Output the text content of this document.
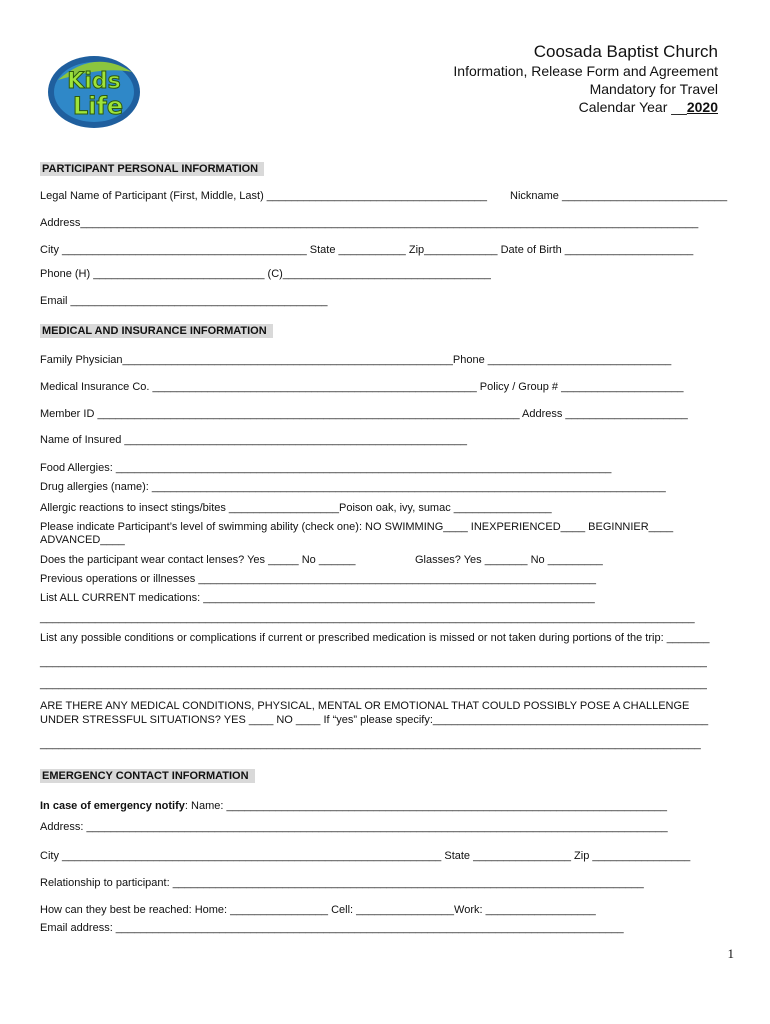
Kids
Life
Coosada Baptist Church
Information, Release Form and Agreement
Mandatory for Travel
Calendar Year __2020
PARTICIPANT PERSONAL INFORMATION
Legal Name of Participant (First, Middle, Last) ____________________________________ Nickname ___________________________
Address_____________________________________________________________________________________________________
City ________________________________________ State ___________ Zip____________ Date of Birth _____________________
Phone (H) ____________________________ (C)__________________________________
Email __________________________________________
MEDICAL AND INSURANCE INFORMATION
Family Physician______________________________________________________Phone ______________________________
Medical Insurance Co. _____________________________________________________ Policy / Group # ____________________
Member ID _____________________________________________________________________ Address ____________________
Name of Insured ________________________________________________________
Food Allergies: _________________________________________________________________________________
Drug allergies (name): ____________________________________________________________________________________
Allergic reactions to insect stings/bites __________________Poison oak, ivy, sumac ________________
Please indicate Participant’s level of swimming ability (check one): NO SWIMMING____ INEXPERIENCED____ BEGINNIER____
ADVANCED____
Does the participant wear contact lenses? Yes _____ No ______	Glasses? Yes _______ No _________
Previous operations or illnesses _________________________________________________________________
List ALL CURRENT medications: ________________________________________________________________
___________________________________________________________________________________________________________
List any possible conditions or complications if current or prescribed medication is missed or not taken during portions of the trip: _______
_____________________________________________________________________________________________________________
_____________________________________________________________________________________________________________
ARE THERE ANY MEDICAL CONDITIONS, PHYSICAL, MENTAL OR EMOTIONAL THAT COULD POSSIBLY POSE A CHALLENGE
UNDER STRESSFUL SITUATIONS? YES ____ NO ____ If “yes” please specify:_____________________________________________
____________________________________________________________________________________________________________
EMERGENCY CONTACT INFORMATION
In case of emergency notify: Name: ________________________________________________________________________
Address: _______________________________________________________________________________________________
City ______________________________________________________________ State ________________ Zip ________________
Relationship to participant: _____________________________________________________________________________
How can they best be reached: Home: ________________ Cell: ________________Work: __________________
Email address: ___________________________________________________________________________________
1
